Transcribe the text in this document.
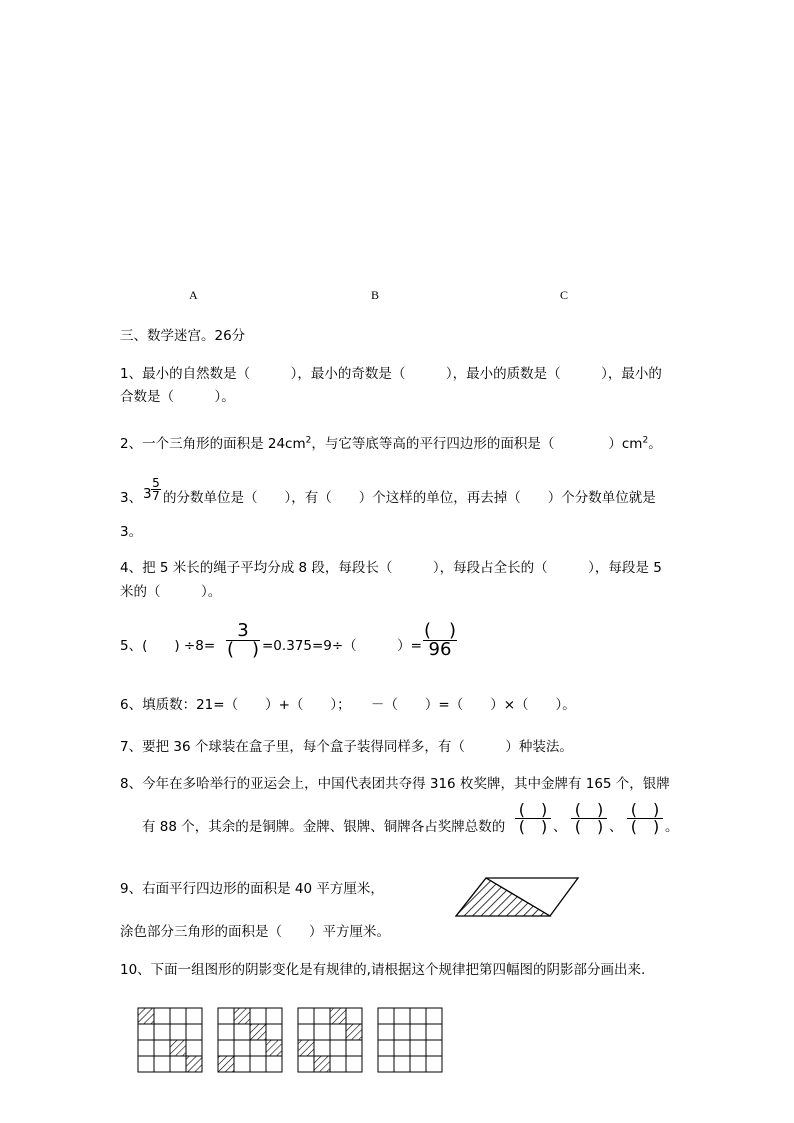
A	B	C
三、数学迷宫。26分
1、最小的自然数是（　　　），最小的奇数是（　　　），最小的质数是（　　　），最小的
合数是（　　　）。
2、一个三角形的面积是 $24cm^2$，与它等底等高的平行四边形的面积是（　　　　）$cm^2$。
3、 3
5
7 的分数单位是（　　），有（　　）个这样的单位，再去掉（　　）个分数单位就是
3。
4、把 5 米长的绳子平均分成 8 段，每段长（　　　），每段占全长的（　　　），每段是 5
米的（　　　）。
5、(　　) ÷8=
3
(　) =0.375=9÷（　　　）=
(　)
96
6、填质数：21=（　　）+（　　）；　　－（　　）=（　　）×（　　）。
7、要把 36 个球装在盒子里，每个盒子装得同样多，有（　　　）种装法。
8、今年在多哈举行的亚运会上，中国代表团共夺得 316 枚奖牌，其中金牌有 165 个，银牌
有 88 个，其余的是铜牌。金牌、银牌、铜牌各占奖牌总数的
(　)
(　) 、
(　)
(　) 、
(　)
(　) 。
9、右面平行四边形的面积是 40 平方厘米，
涂色部分三角形的面积是（　　）平方厘米。
10、下面一组图形的阴影变化是有规律的,请根据这个规律把第四幅图的阴影部分画出来.
